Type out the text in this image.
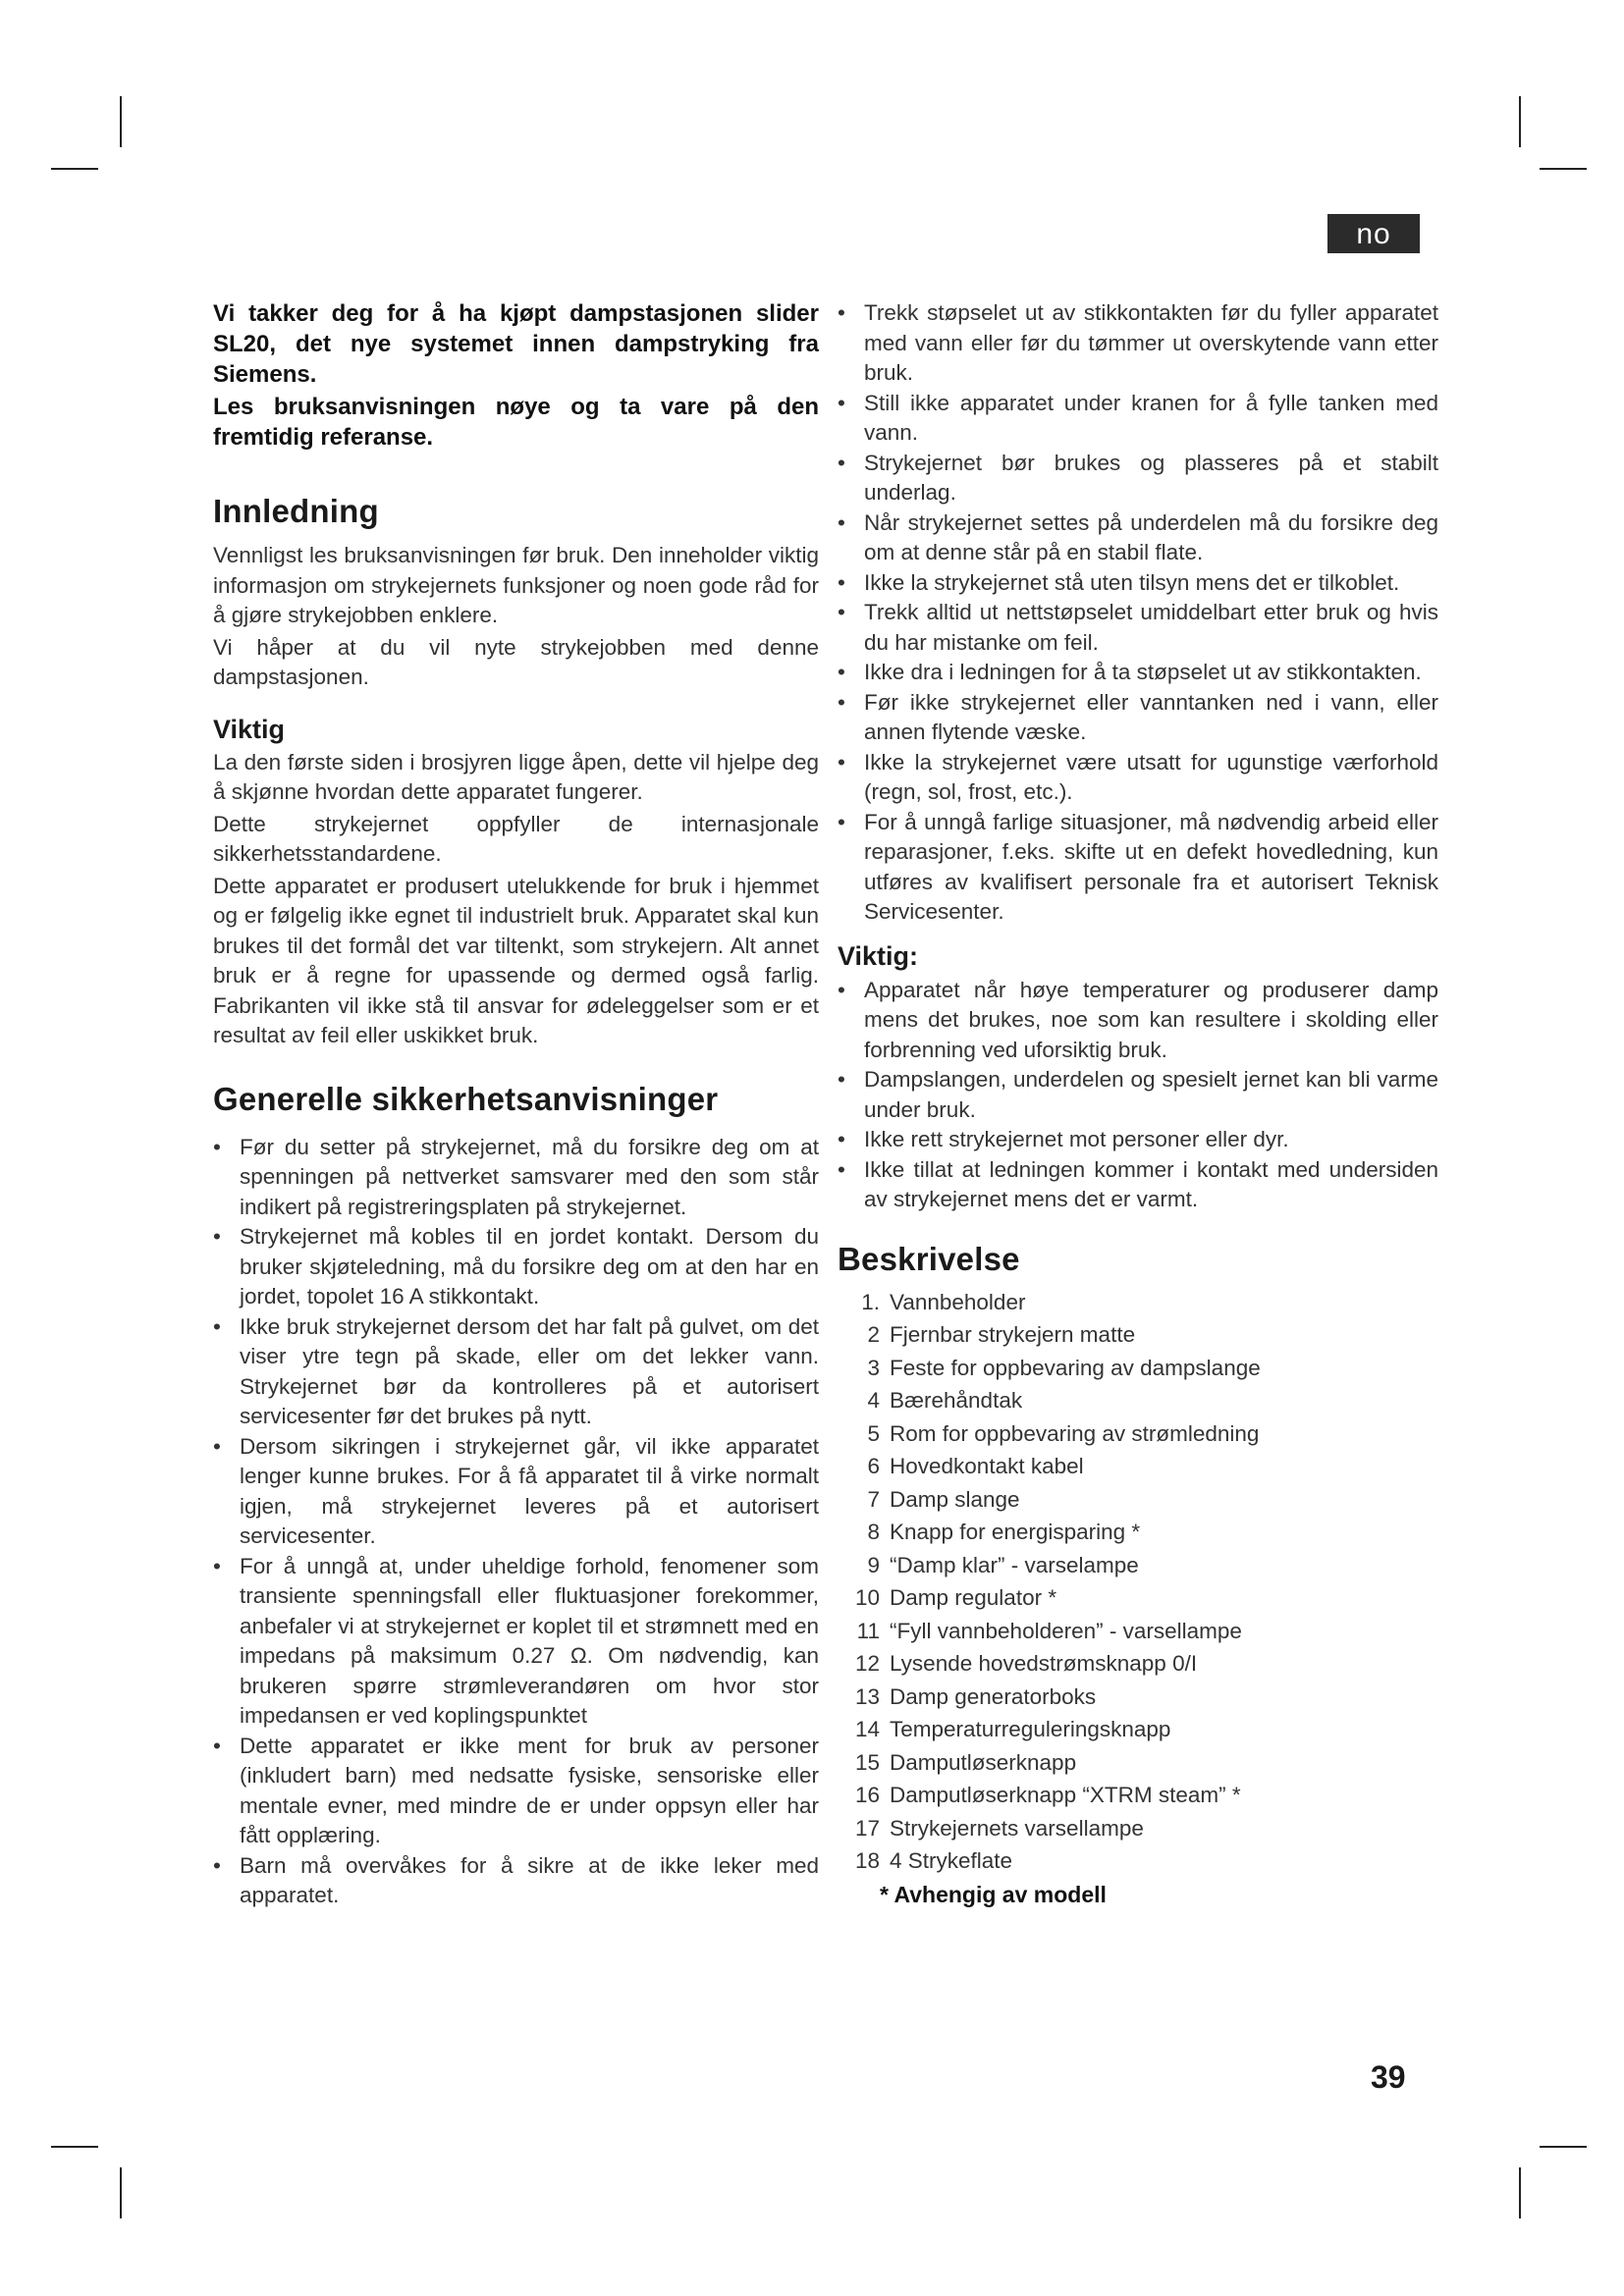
no

Vi takker deg for å ha kjøpt dampstasjonen slider SL20, det nye systemet innen dampstryking fra Siemens.

Les bruksanvisningen nøye og ta vare på den fremtidig referanse.

Innledning

Vennligst les bruksanvisningen før bruk. Den inneholder viktig informasjon om strykejernets funksjoner og noen gode råd for å gjøre strykejobben enklere.

Vi håper at du vil nyte strykejobben med denne dampstasjonen.

Viktig

La den første siden i brosjyren ligge åpen, dette vil hjelpe deg å skjønne hvordan dette apparatet fungerer.

Dette strykejernet oppfyller de internasjonale sikkerhetsstandardene.

Dette apparatet er produsert utelukkende for bruk i hjemmet og er følgelig ikke egnet til industrielt bruk. Apparatet skal kun brukes til det formål det var tiltenkt, som strykejern. Alt annet bruk er å regne for upassende og dermed også farlig. Fabrikanten vil ikke stå til ansvar for ødeleggelser som er et resultat av feil eller uskikket bruk.

Generelle sikkerhetsanvisninger
• Før du setter på strykejernet, må du forsikre deg om at spenningen på nettverket samsvarer med den som står indikert på registreringsplaten på strykejernet.
• Strykejernet må kobles til en jordet kontakt. Dersom du bruker skjøteledning, må du forsikre deg om at den har en jordet, topolet 16 A stikkontakt.
• Ikke bruk strykejernet dersom det har falt på gulvet, om det viser ytre tegn på skade, eller om det lekker vann. Strykejernet bør da kontrolleres på et autorisert servicesenter før det brukes på nytt.
• Dersom sikringen i strykejernet går, vil ikke apparatet lenger kunne brukes. For å få apparatet til å virke normalt igjen, må strykejernet leveres på et autorisert servicesenter.
• For å unngå at, under uheldige forhold, fenomener som transiente spenningsfall eller fluktuasjoner forekommer, anbefaler vi at strykejernet er koplet til et strømnett med en impedans på maksimum 0.27 Ω. Om nødvendig, kan brukeren spørre strømleverandøren om hvor stor impedansen er ved koplingspunktet
• Dette apparatet er ikke ment for bruk av personer (inkludert barn) med nedsatte fysiske, sensoriske eller mentale evner, med mindre de er under oppsyn eller har fått opplæring.
• Barn må overvåkes for å sikre at de ikke leker med apparatet.
• Trekk støpselet ut av stikkontakten før du fyller apparatet med vann eller før du tømmer ut overskytende vann etter bruk.
• Still ikke apparatet under kranen for å fylle tanken med vann.
• Strykejernet bør brukes og plasseres på et stabilt underlag.
• Når strykejernet settes på underdelen må du forsikre deg om at denne står på en stabil flate.
• Ikke la strykejernet stå uten tilsyn mens det er tilkoblet.
• Trekk alltid ut nettstøpselet umiddelbart etter bruk og hvis du har mistanke om feil.
• Ikke dra i ledningen for å ta støpselet ut av stikkontakten.
• Før ikke strykejernet eller vanntanken ned i vann, eller annen flytende væske.
• Ikke la strykejernet være utsatt for ugunstige værforhold (regn, sol, frost, etc.).
• For å unngå farlige situasjoner, må nødvendig arbeid eller reparasjoner, f.eks. skifte ut en defekt hovedledning, kun utføres av kvalifisert personale fra et autorisert Teknisk Servicesenter.
Viktig:
• Apparatet når høye temperaturer og produserer damp mens det brukes, noe som kan resultere i skolding eller forbrenning ved uforsiktig bruk.
• Dampslangen, underdelen og spesielt jernet kan bli varme under bruk.
• Ikke rett strykejernet mot personer eller dyr.
• Ikke tillat at ledningen kommer i kontakt med undersiden av strykejernet mens det er varmt.
Beskrivelse
1. Vannbeholder
2 Fjernbar strykejern matte
3 Feste for oppbevaring av dampslange
4 Bærehåndtak
5 Rom for oppbevaring av strømledning
6 Hovedkontakt kabel
7 Damp slange
8 Knapp for energisparing *
9 “Damp klar” - varselampe
10 Damp regulator *
11 “Fyll vannbeholderen” - varsellampe
12 Lysende hovedstrømsknapp 0/I
13 Damp generatorboks
14 Temperaturreguleringsknapp
15 Damputløserknapp
16 Damputløserknapp “XTRM steam” *
17 Strykejernets varsellampe
18 4 Strykeflate
* Avhengig av modell
39
